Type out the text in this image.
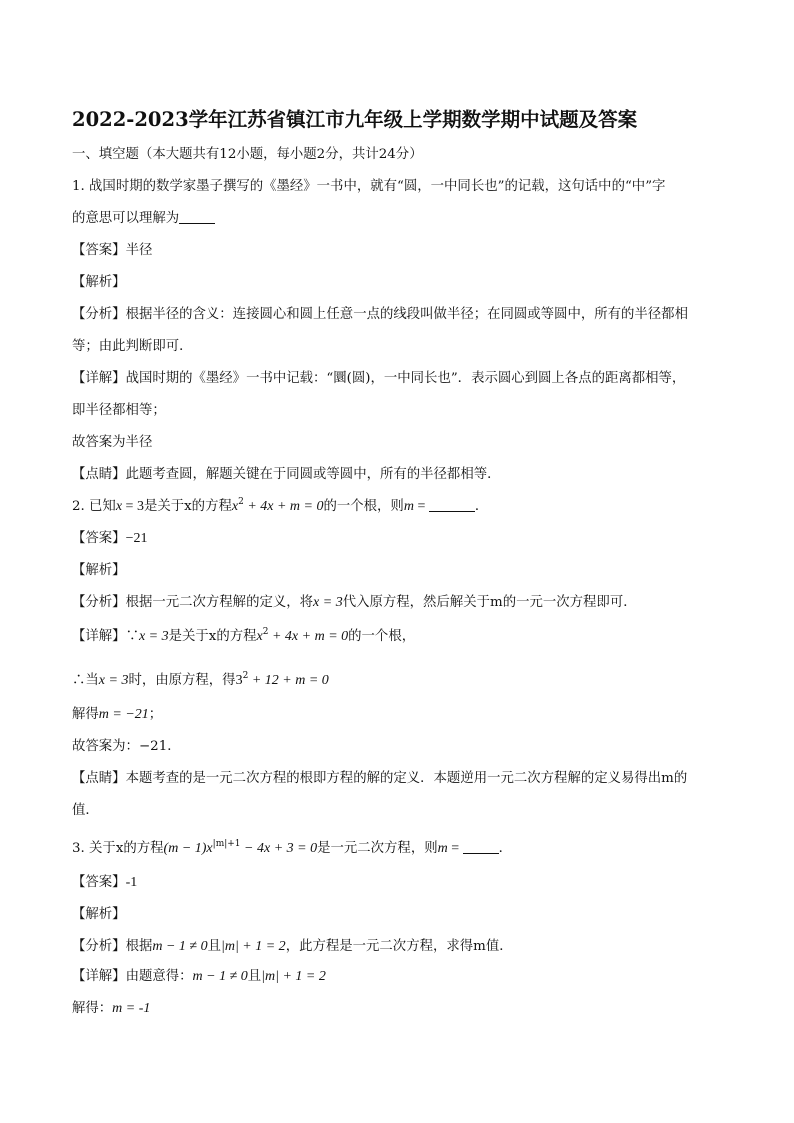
2022-2023学年江苏省镇江市九年级上学期数学期中试题及答案
一、填空题（本大题共有12小题，每小题2分，共计24分）
1. 战国时期的数学家墨子撰写的《墨经》一书中，就有“圆，一中同长也”的记载，这句话中的“中”字
的意思可以理解为
【答案】半径
【解析】
【分析】根据半径的含义：连接圆心和圆上任意一点的线段叫做半径；在同圆或等圆中，所有的半径都相
等；由此判断即可．
【详解】战国时期的《墨经》一书中记载：“圜(圆)，一中同长也”．表示圆心到圆上各点的距离都相等，
即半径都相等；
故答案为半径
【点睛】此题考查圆，解题关键在于同圆或等圆中，所有的半径都相等．
2. 已知x = 3是关于x的方程$x^2 + 4x + m = 0$的一个根，则m =	．
【答案】−21
【解析】
【分析】根据一元二次方程解的定义，将x = 3代入原方程，然后解关于m的一元一次方程即可．
【详解】∵x = 3是关于x的方程$x^2 + 4x + m = 0$的一个根，
∴当x = 3时，由原方程，得$3^2 + 12 + m = 0$
解得m = −21；
故答案为：−21．
【点睛】本题考查的是一元二次方程的根即方程的解的定义．本题逆用一元二次方程解的定义易得出m的
值．
3. 关于x的方程$(m - 1)x^{|m|+1} - 4x + 3 = 0$是一元二次方程，则m =	．
【答案】-1
【解析】
【分析】根据m − 1 ≠ 0且|m| + 1 = 2，此方程是一元二次方程，求得m值．
【详解】由题意得：m − 1 ≠ 0且|m| + 1 = 2
解得：m = -1
